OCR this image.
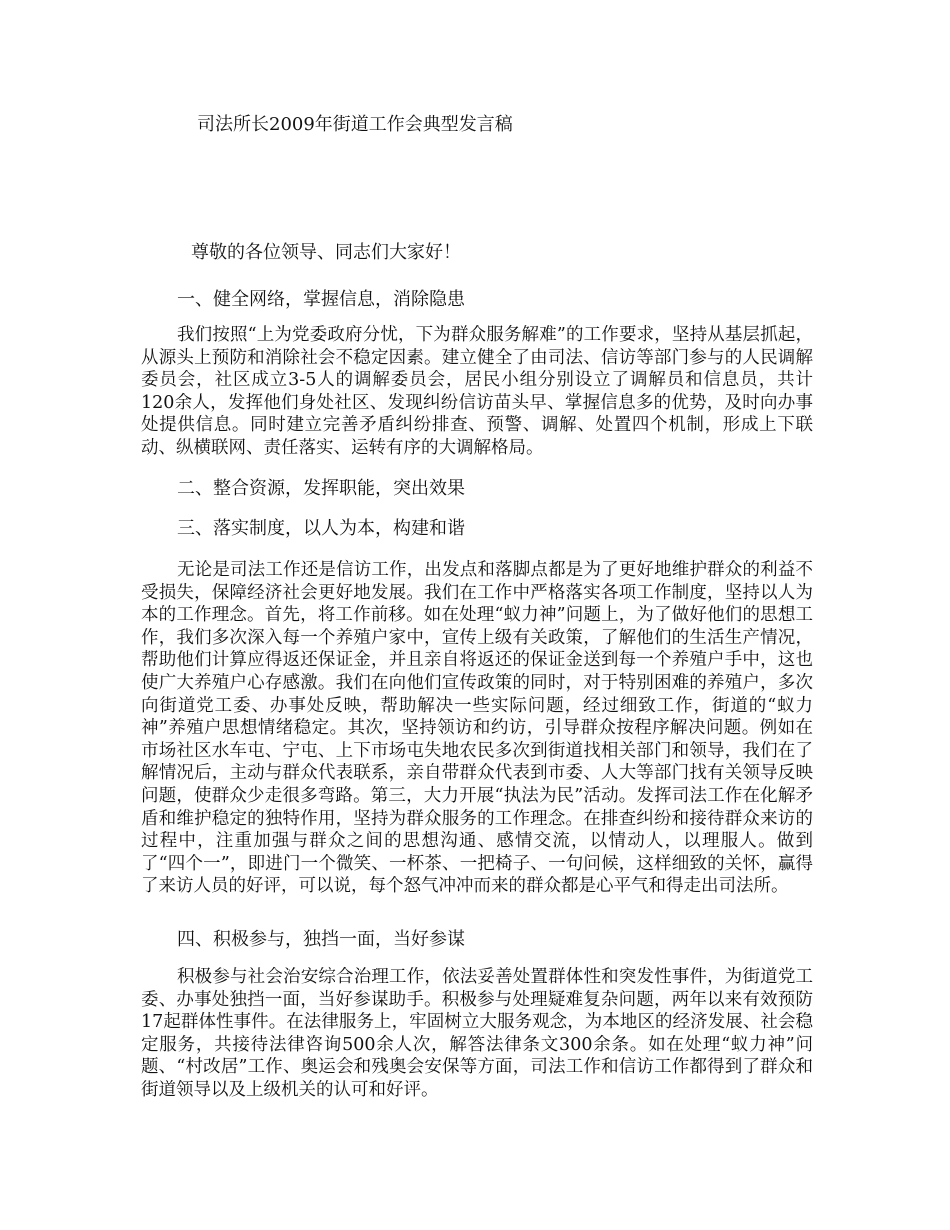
司法所长2009年街道工作会典型发言稿
尊敬的各位领导、同志们大家好！
一、健全网络，掌握信息，消除隐患

我们按照“上为党委政府分忧，下为群众服务解难”的工作要求，坚持从基层抓起，从源头上预防和消除社会不稳定因素。建立健全了由司法、信访等部门参与的人民调解委员会，社区成立3-5人的调解委员会，居民小组分别设立了调解员和信息员，共计120余人，发挥他们身处社区、发现纠纷信访苗头早、掌握信息多的优势，及时向办事处提供信息。同时建立完善矛盾纠纷排查、预警、调解、处置四个机制，形成上下联动、纵横联网、责任落实、运转有序的大调解格局。

二、整合资源，发挥职能，突出效果
三、落实制度，以人为本，构建和谐

无论是司法工作还是信访工作，出发点和落脚点都是为了更好地维护群众的利益不受损失，保障经济社会更好地发展。我们在工作中严格落实各项工作制度，坚持以人为本的工作理念。首先，将工作前移。如在处理“蚁力神”问题上，为了做好他们的思想工作，我们多次深入每一个养殖户家中，宣传上级有关政策，了解他们的生活生产情况，帮助他们计算应得返还保证金，并且亲自将返还的保证金送到每一个养殖户手中，这也使广大养殖户心存感激。我们在向他们宣传政策的同时，对于特别困难的养殖户，多次向街道党工委、办事处反映，帮助解决一些实际问题，经过细致工作，街道的“蚁力神”养殖户思想情绪稳定。其次，坚持领访和约访，引导群众按程序解决问题。例如在市场社区水车屯、宁屯、上下市场屯失地农民多次到街道找相关部门和领导，我们在了解情况后，主动与群众代表联系，亲自带群众代表到市委、人大等部门找有关领导反映问题，使群众少走很多弯路。第三，大力开展“执法为民”活动。发挥司法工作在化解矛盾和维护稳定的独特作用，坚持为群众服务的工作理念。在排查纠纷和接待群众来访的过程中，注重加强与群众之间的思想沟通、感情交流，以情动人，以理服人。做到了“四个一”，即进门一个微笑、一杯茶、一把椅子、一句问候，这样细致的关怀，赢得了来访人员的好评，可以说，每个怒气冲冲而来的群众都是心平气和得走出司法所。

四、积极参与，独挡一面，当好参谋

积极参与社会治安综合治理工作，依法妥善处置群体性和突发性事件，为街道党工委、办事处独挡一面，当好参谋助手。积极参与处理疑难复杂问题，两年以来有效预防17起群体性事件。在法律服务上，牢固树立大服务观念，为本地区的经济发展、社会稳定服务，共接待法律咨询500余人次，解答法律条文300余条。如在处理“蚁力神”问题、“村改居”工作、奥运会和残奥会安保等方面，司法工作和信访工作都得到了群众和街道领导以及上级机关的认可和好评。
